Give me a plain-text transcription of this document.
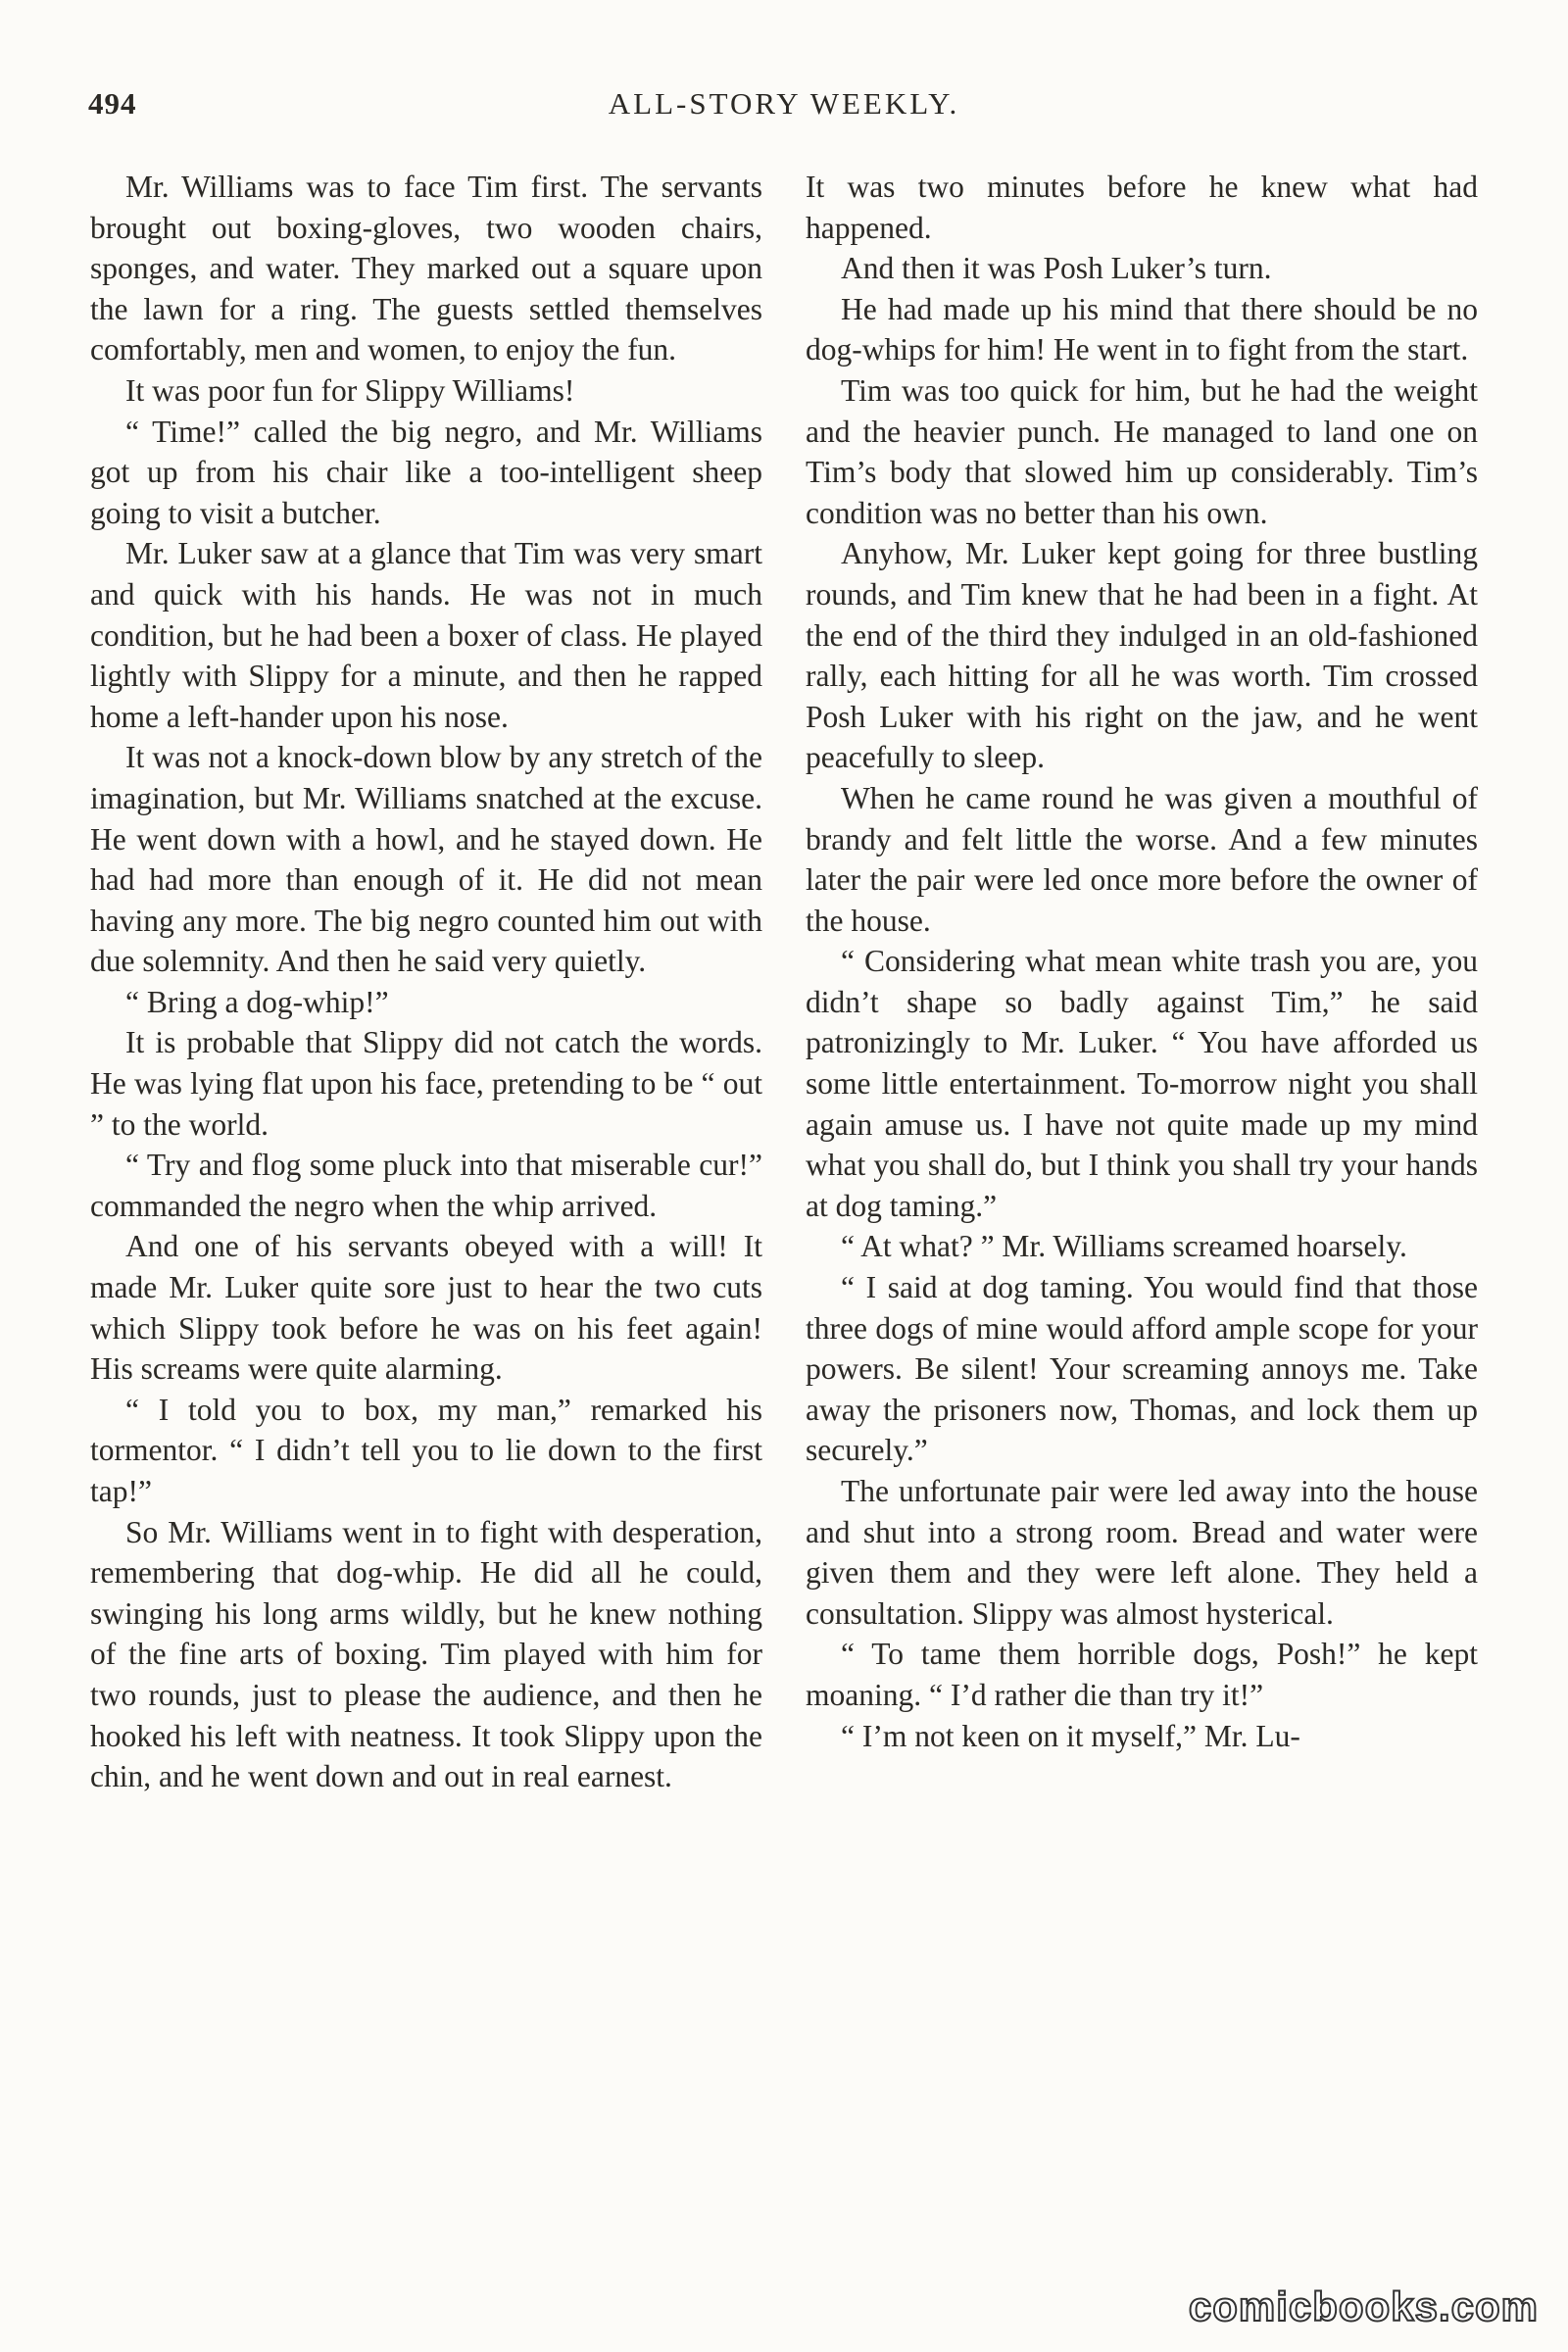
494	ALL-STORY WEEKLY.

Mr. Williams was to face Tim first. The servants brought out boxing-gloves, two wooden chairs, sponges, and water. They marked out a square upon the lawn for a ring. The guests settled themselves comfortably, men and women, to enjoy the fun.

It was poor fun for Slippy Williams!

“ Time!” called the big negro, and Mr. Williams got up from his chair like a too-intelligent sheep going to visit a butcher.

Mr. Luker saw at a glance that Tim was very smart and quick with his hands. He was not in much condition, but he had been a boxer of class. He played lightly with Slippy for a minute, and then he rapped home a left-hander upon his nose.

It was not a knock-down blow by any stretch of the imagination, but Mr. Williams snatched at the excuse. He went down with a howl, and he stayed down. He had had more than enough of it. He did not mean having any more. The big negro counted him out with due solemnity. And then he said very quietly.

“ Bring a dog-whip!”

It is probable that Slippy did not catch the words. He was lying flat upon his face, pretending to be “ out ” to the world.

“ Try and flog some pluck into that miserable cur!” commanded the negro when the whip arrived.

And one of his servants obeyed with a will! It made Mr. Luker quite sore just to hear the two cuts which Slippy took before he was on his feet again! His screams were quite alarming.

“ I told you to box, my man,” remarked his tormentor. “ I didn’t tell you to lie down to the first tap!”

So Mr. Williams went in to fight with desperation, remembering that dog-whip. He did all he could, swinging his long arms wildly, but he knew nothing of the fine arts of boxing. Tim played with him for two rounds, just to please the audience, and then he hooked his left with neatness. It took Slippy upon the chin, and he went down and out in real earnest.

It was two minutes before he knew what had happened.

And then it was Posh Luker’s turn.

He had made up his mind that there should be no dog-whips for him! He went in to fight from the start.

Tim was too quick for him, but he had the weight and the heavier punch. He managed to land one on Tim’s body that slowed him up considerably. Tim’s condition was no better than his own.

Anyhow, Mr. Luker kept going for three bustling rounds, and Tim knew that he had been in a fight. At the end of the third they indulged in an old-fashioned rally, each hitting for all he was worth. Tim crossed Posh Luker with his right on the jaw, and he went peacefully to sleep.

When he came round he was given a mouthful of brandy and felt little the worse. And a few minutes later the pair were led once more before the owner of the house.

“ Considering what mean white trash you are, you didn’t shape so badly against Tim,” he said patronizingly to Mr. Luker. “ You have afforded us some little entertainment. To-morrow night you shall again amuse us. I have not quite made up my mind what you shall do, but I think you shall try your hands at dog taming.”

“ At what? ” Mr. Williams screamed hoarsely.

“ I said at dog taming. You would find that those three dogs of mine would afford ample scope for your powers. Be silent! Your screaming annoys me. Take away the prisoners now, Thomas, and lock them up securely.”

The unfortunate pair were led away into the house and shut into a strong room. Bread and water were given them and they were left alone. They held a consultation. Slippy was almost hysterical.

“ To tame them horrible dogs, Posh!” he kept moaning. “ I’d rather die than try it!”

“ I’m not keen on it myself,” Mr. Lu-

comicbooks.com
